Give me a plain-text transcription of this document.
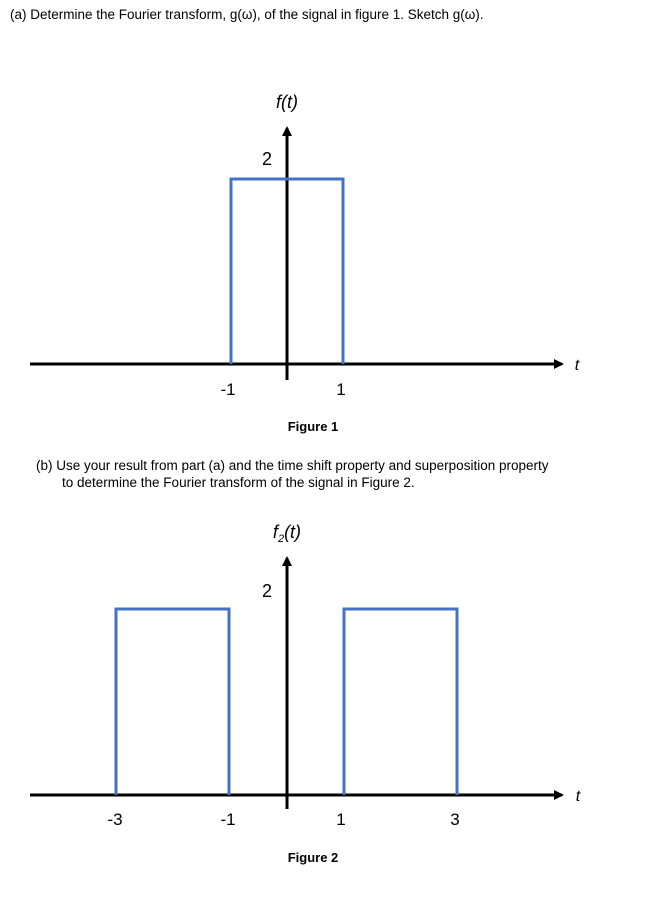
(a) Determine the Fourier transform, g(ω), of the signal in figure 1. Sketch g(ω).

f(t)
2
t
-1	1
Figure 1
$f_2(t)$
2
t
-3	-1	1	3
Figure 2

(b) Use your result from part (a) and the time shift property and superposition property
to determine the Fourier transform of the signal in Figure 2.
